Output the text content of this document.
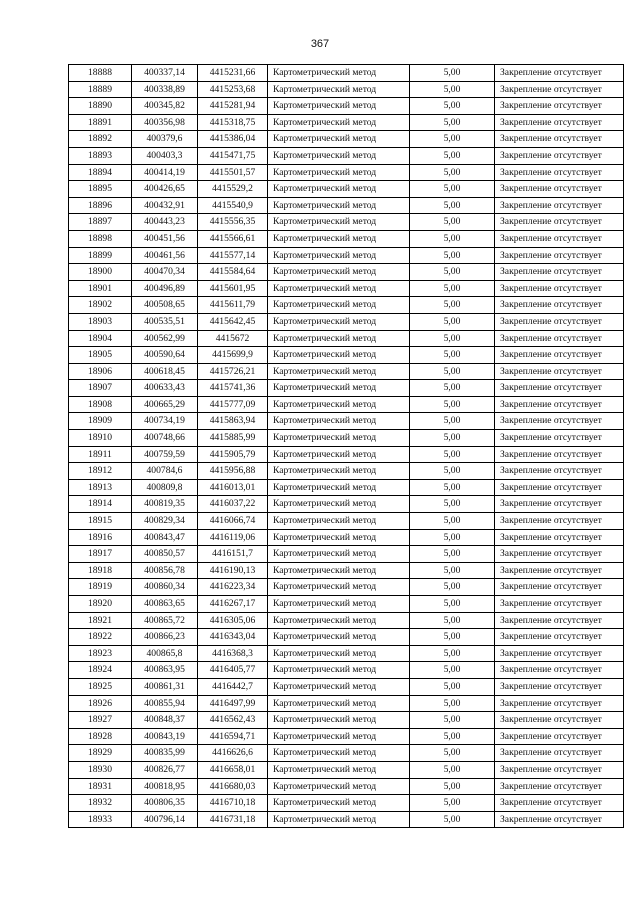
367
18888	400337,14	4415231,66	Картометрический метод	5,00	Закрепление отсутствует
18889	400338,89	4415253,68	Картометрический метод	5,00	Закрепление отсутствует
18890	400345,82	4415281,94	Картометрический метод	5,00	Закрепление отсутствует
18891	400356,98	4415318,75	Картометрический метод	5,00	Закрепление отсутствует
18892	400379,6	4415386,04	Картометрический метод	5,00	Закрепление отсутствует
18893	400403,3	4415471,75	Картометрический метод	5,00	Закрепление отсутствует
18894	400414,19	4415501,57	Картометрический метод	5,00	Закрепление отсутствует
18895	400426,65	4415529,2	Картометрический метод	5,00	Закрепление отсутствует
18896	400432,91	4415540,9	Картометрический метод	5,00	Закрепление отсутствует
18897	400443,23	4415556,35	Картометрический метод	5,00	Закрепление отсутствует
18898	400451,56	4415566,61	Картометрический метод	5,00	Закрепление отсутствует
18899	400461,56	4415577,14	Картометрический метод	5,00	Закрепление отсутствует
18900	400470,34	4415584,64	Картометрический метод	5,00	Закрепление отсутствует
18901	400496,89	4415601,95	Картометрический метод	5,00	Закрепление отсутствует
18902	400508,65	4415611,79	Картометрический метод	5,00	Закрепление отсутствует
18903	400535,51	4415642,45	Картометрический метод	5,00	Закрепление отсутствует
18904	400562,99	4415672	Картометрический метод	5,00	Закрепление отсутствует
18905	400590,64	4415699,9	Картометрический метод	5,00	Закрепление отсутствует
18906	400618,45	4415726,21	Картометрический метод	5,00	Закрепление отсутствует
18907	400633,43	4415741,36	Картометрический метод	5,00	Закрепление отсутствует
18908	400665,29	4415777,09	Картометрический метод	5,00	Закрепление отсутствует
18909	400734,19	4415863,94	Картометрический метод	5,00	Закрепление отсутствует
18910	400748,66	4415885,99	Картометрический метод	5,00	Закрепление отсутствует
18911	400759,59	4415905,79	Картометрический метод	5,00	Закрепление отсутствует
18912	400784,6	4415956,88	Картометрический метод	5,00	Закрепление отсутствует
18913	400809,8	4416013,01	Картометрический метод	5,00	Закрепление отсутствует
18914	400819,35	4416037,22	Картометрический метод	5,00	Закрепление отсутствует
18915	400829,34	4416066,74	Картометрический метод	5,00	Закрепление отсутствует
18916	400843,47	4416119,06	Картометрический метод	5,00	Закрепление отсутствует
18917	400850,57	4416151,7	Картометрический метод	5,00	Закрепление отсутствует
18918	400856,78	4416190,13	Картометрический метод	5,00	Закрепление отсутствует
18919	400860,34	4416223,34	Картометрический метод	5,00	Закрепление отсутствует
18920	400863,65	4416267,17	Картометрический метод	5,00	Закрепление отсутствует
18921	400865,72	4416305,06	Картометрический метод	5,00	Закрепление отсутствует
18922	400866,23	4416343,04	Картометрический метод	5,00	Закрепление отсутствует
18923	400865,8	4416368,3	Картометрический метод	5,00	Закрепление отсутствует
18924	400863,95	4416405,77	Картометрический метод	5,00	Закрепление отсутствует
18925	400861,31	4416442,7	Картометрический метод	5,00	Закрепление отсутствует
18926	400855,94	4416497,99	Картометрический метод	5,00	Закрепление отсутствует
18927	400848,37	4416562,43	Картометрический метод	5,00	Закрепление отсутствует
18928	400843,19	4416594,71	Картометрический метод	5,00	Закрепление отсутствует
18929	400835,99	4416626,6	Картометрический метод	5,00	Закрепление отсутствует
18930	400826,77	4416658,01	Картометрический метод	5,00	Закрепление отсутствует
18931	400818,95	4416680,03	Картометрический метод	5,00	Закрепление отсутствует
18932	400806,35	4416710,18	Картометрический метод	5,00	Закрепление отсутствует
18933	400796,14	4416731,18	Картометрический метод	5,00	Закрепление отсутствует
